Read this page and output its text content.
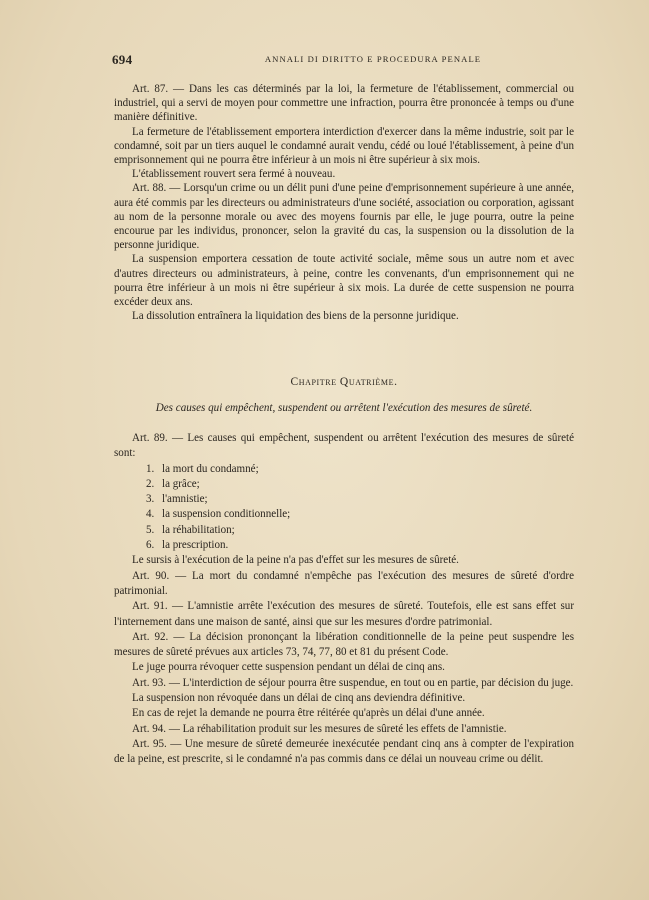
694	ANNALI DI DIRITTO E PROCEDURA PENALE

Art. 87. — Dans les cas déterminés par la loi, la fermeture de l'établissement, commercial ou industriel, qui a servi de moyen pour commettre une infraction, pourra être prononcée à temps ou d'une manière définitive.

La fermeture de l'établissement emportera interdiction d'exercer dans la même industrie, soit par le condamné, soit par un tiers auquel le condamné aurait vendu, cédé ou loué l'établissement, à peine d'un emprisonnement qui ne pourra être inférieur à un mois ni être supérieur à six mois.

L'établissement rouvert sera fermé à nouveau.

Art. 88. — Lorsqu'un crime ou un délit puni d'une peine d'emprisonnement supérieure à une année, aura été commis par les directeurs ou administrateurs d'une société, association ou corporation, agissant au nom de la personne morale ou avec des moyens fournis par elle, le juge pourra, outre la peine encourue par les individus, prononcer, selon la gravité du cas, la suspension ou la dissolution de la personne juridique.

La suspension emportera cessation de toute activité sociale, même sous un autre nom et avec d'autres directeurs ou administrateurs, à peine, contre les convenants, d'un emprisonnement qui ne pourra être inférieur à un mois ni être supérieur à six mois. La durée de cette suspension ne pourra excéder deux ans.

La dissolution entraînera la liquidation des biens de la personne juridique.

Chapitre Quatrième.
Des causes qui empêchent, suspendent ou arrêtent l'exécution des mesures de sûreté.

Art. 89. — Les causes qui empêchent, suspendent ou arrêtent l'exécution des mesures de sûreté sont:

1. la mort du condamné;

2. la grâce;

3. l'amnistie;

4. la suspension conditionnelle;

5. la réhabilitation;

6. la prescription.

Le sursis à l'exécution de la peine n'a pas d'effet sur les mesures de sûreté.

Art. 90. — La mort du condamné n'empêche pas l'exécution des mesures de sûreté d'ordre patrimonial.

Art. 91. — L'amnistie arrête l'exécution des mesures de sûreté. Toutefois, elle est sans effet sur l'internement dans une maison de santé, ainsi que sur les mesures d'ordre patrimonial.

Art. 92. — La décision prononçant la libération conditionnelle de la peine peut suspendre les mesures de sûreté prévues aux articles 73, 74, 77, 80 et 81 du présent Code.

Le juge pourra révoquer cette suspension pendant un délai de cinq ans.

Art. 93. — L'interdiction de séjour pourra être suspendue, en tout ou en partie, par décision du juge.

La suspension non révoquée dans un délai de cinq ans deviendra définitive.

En cas de rejet la demande ne pourra être réitérée qu'après un délai d'une année.

Art. 94. — La réhabilitation produit sur les mesures de sûreté les effets de l'amnistie.

Art. 95. — Une mesure de sûreté demeurée inexécutée pendant cinq ans à compter de l'expiration de la peine, est prescrite, si le condamné n'a pas commis dans ce délai un nouveau crime ou délit.
